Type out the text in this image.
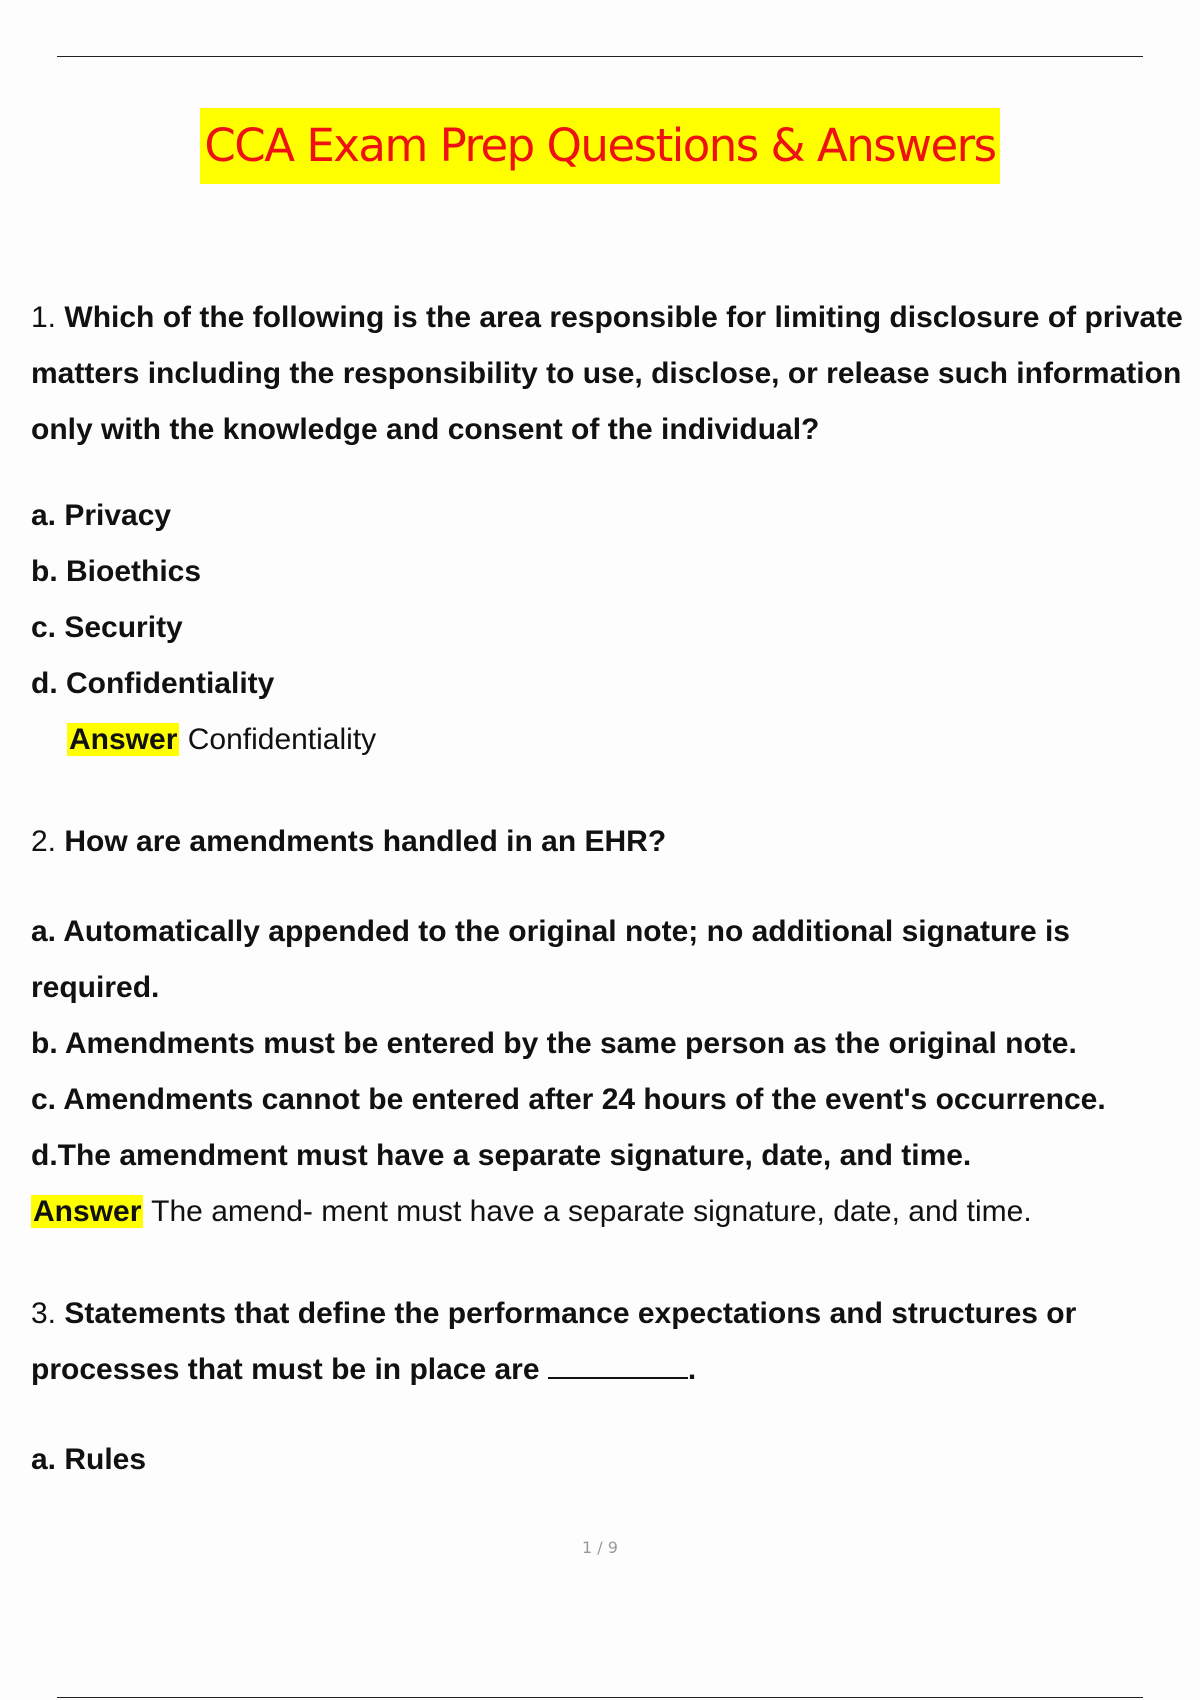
CCA Exam Prep Questions & Answers

1. Which of the following is the area responsible for limiting disclosure of private matters including the responsibility to use, disclose, or release such information only with the knowledge and consent of the individual?

a. Privacy
b. Bioethics
c. Security
d. Confidentiality
Answer Confidentiality

2. How are amendments handled in an EHR?

a. Automatically appended to the original note; no additional signature is required.
b. Amendments must be entered by the same person as the original note.
c. Amendments cannot be entered after 24 hours of the event's occurrence.
d.The amendment must have a separate signature, date, and time.
Answer The amend- ment must have a separate signature, date, and time.

3. Statements that define the performance expectations and structures or processes that must be in place are	.

a. Rules
1 / 9
